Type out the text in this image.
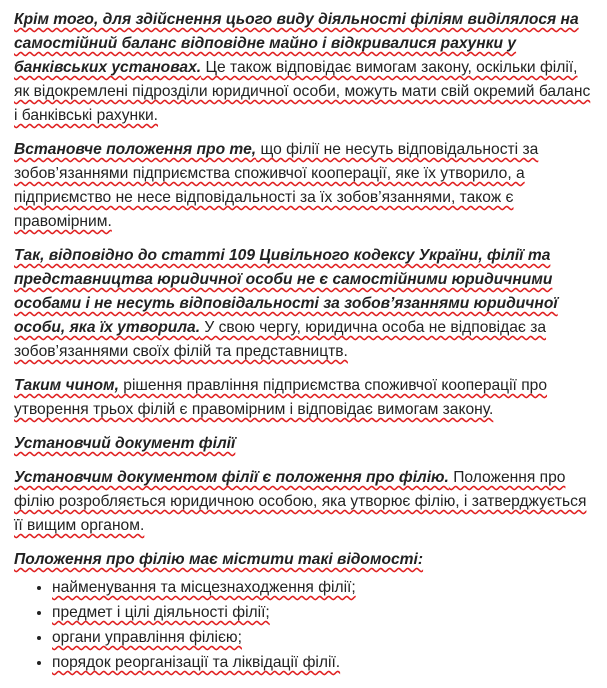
Крім того, для здійснення цього виду діяльності філіям виділялося на самостійний баланс відповідне майно і відкривалися рахунки у банківських установах. Це також відповідає вимогам закону, оскільки філії, як відокремлені підрозділи юридичної особи, можуть мати свій окремий баланс і банківські рахунки.

Встановче положення про те, що філії не несуть відповідальності за зобов’язаннями підприємства споживчої кооперації, яке їх утворило, а підприємство не несе відповідальності за їх зобов’язаннями, також є правомірним.

Так, відповідно до статті 109 Цивільного кодексу України, філії та представництва юридичної особи не є самостійними юридичними особами і не несуть відповідальності за зобов’язаннями юридичної особи, яка їх утворила. У свою чергу, юридична особа не відповідає за зобов’язаннями своїх філій та представництв.

Таким чином, рішення правління підприємства споживчої кооперації про утворення трьох філій є правомірним і відповідає вимогам закону.

Установчий документ філії

Установчим документом філії є положення про філію. Положення про філію розробляється юридичною особою, яка утворює філію, і затверджується її вищим органом.

Положення про філію має містити такі відомості:

• найменування та місцезнаходження філії;
• предмет і цілі діяльності філії;
• органи управління філією;
• порядок реорганізації та ліквідації філії.
